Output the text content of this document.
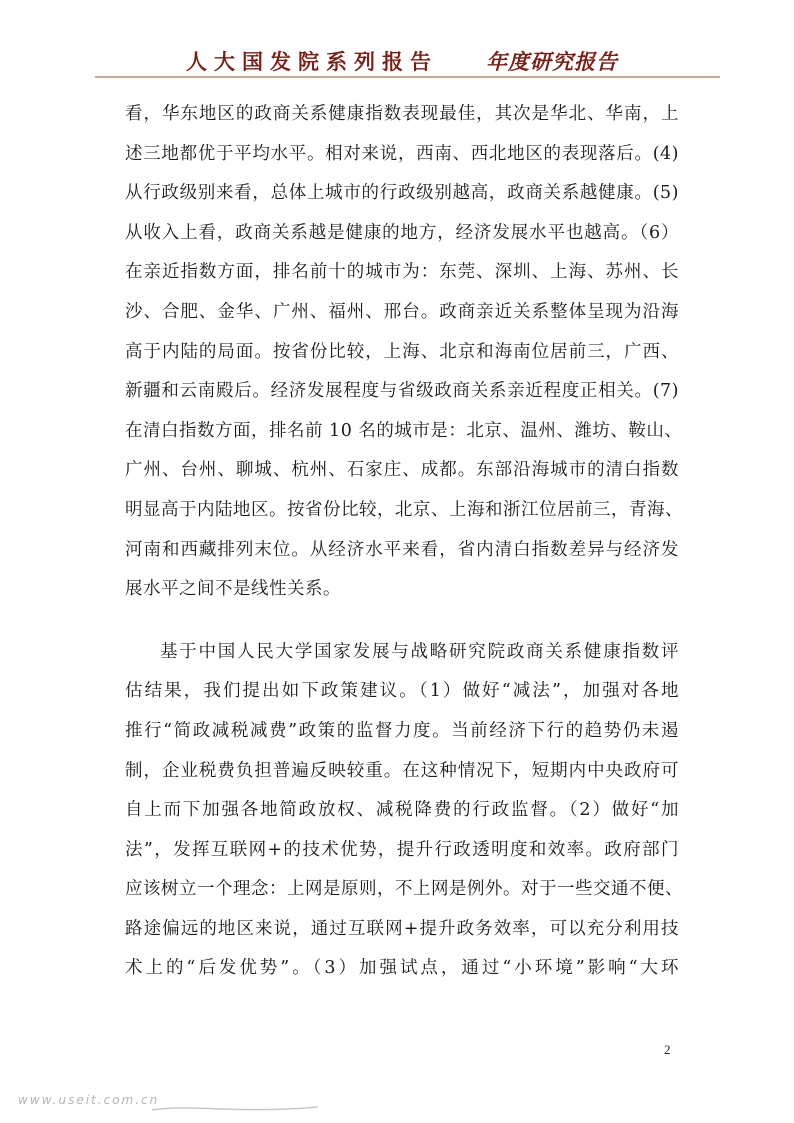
人大国发院系列报告 年度研究报告
看，华东地区的政商关系健康指数表现最佳，其次是华北、华南，上
述三地都优于平均水平。相对来说，西南、西北地区的表现落后。(4)
从行政级别来看，总体上城市的行政级别越高，政商关系越健康。(5)
从收入上看，政商关系越是健康的地方，经济发展水平也越高。（6）
在亲近指数方面，排名前十的城市为：东莞、深圳、上海、苏州、长
沙、合肥、金华、广州、福州、邢台。政商亲近关系整体呈现为沿海
高于内陆的局面。按省份比较，上海、北京和海南位居前三，广西、
新疆和云南殿后。经济发展程度与省级政商关系亲近程度正相关。(7)
在清白指数方面，排名前 10 名的城市是：北京、温州、潍坊、鞍山、
广州、台州、聊城、杭州、石家庄、成都。东部沿海城市的清白指数
明显高于内陆地区。按省份比较，北京、上海和浙江位居前三，青海、
河南和西藏排列末位。从经济水平来看，省内清白指数差异与经济发
展水平之间不是线性关系。
基于中国人民大学国家发展与战略研究院政商关系健康指数评
估结果，我们提出如下政策建议。（1）做好“减法”，加强对各地
推行“简政减税减费”政策的监督力度。当前经济下行的趋势仍未遏
制，企业税费负担普遍反映较重。在这种情况下，短期内中央政府可
自上而下加强各地简政放权、减税降费的行政监督。（2）做好“加
法”，发挥互联网+的技术优势，提升行政透明度和效率。政府部门
应该树立一个理念：上网是原则，不上网是例外。对于一些交通不便、
路途偏远的地区来说，通过互联网+提升政务效率，可以充分利用技
术上的“后发优势”。（3）加强试点，通过“小环境”影响“大环
2
www.useit.com.cn
